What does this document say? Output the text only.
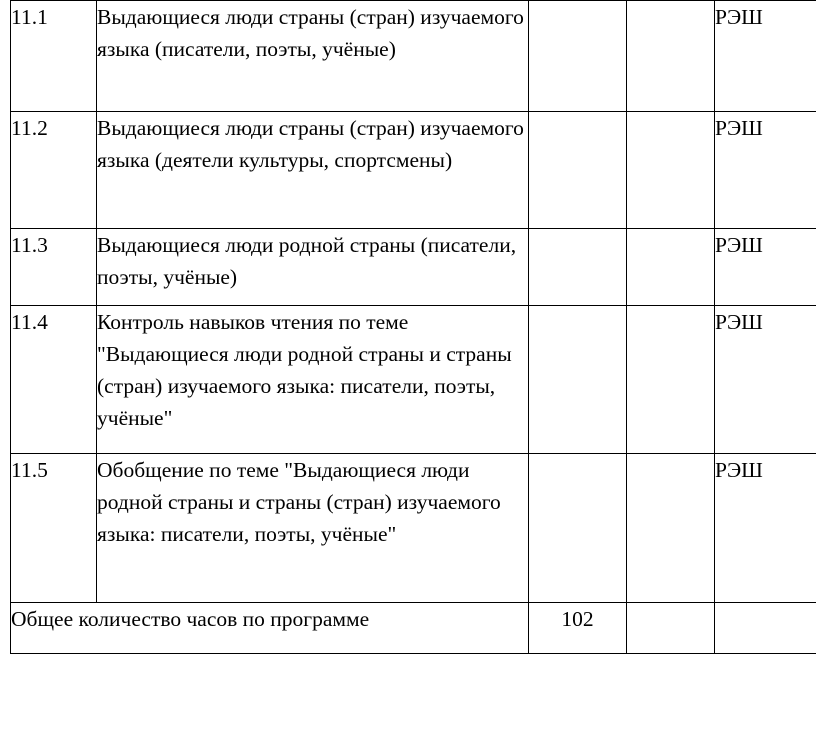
11.1	Выдающиеся люди страны (стран) изучаемого языка (писатели, поэты, учёные)			РЭШ
11.2	Выдающиеся люди страны (стран) изучаемого языка (деятели культуры, спортсмены)			РЭШ
11.3	Выдающиеся люди родной страны (писатели, поэты, учёные)			РЭШ
11.4	Контроль навыков чтения по теме "Выдающиеся люди родной страны и страны (стран) изучаемого языка: писатели, поэты, учёные"			РЭШ
11.5	Обобщение по теме "Выдающиеся люди родной страны и страны (стран) изучаемого языка: писатели, поэты, учёные"			РЭШ
Общее количество часов по программе		102		
